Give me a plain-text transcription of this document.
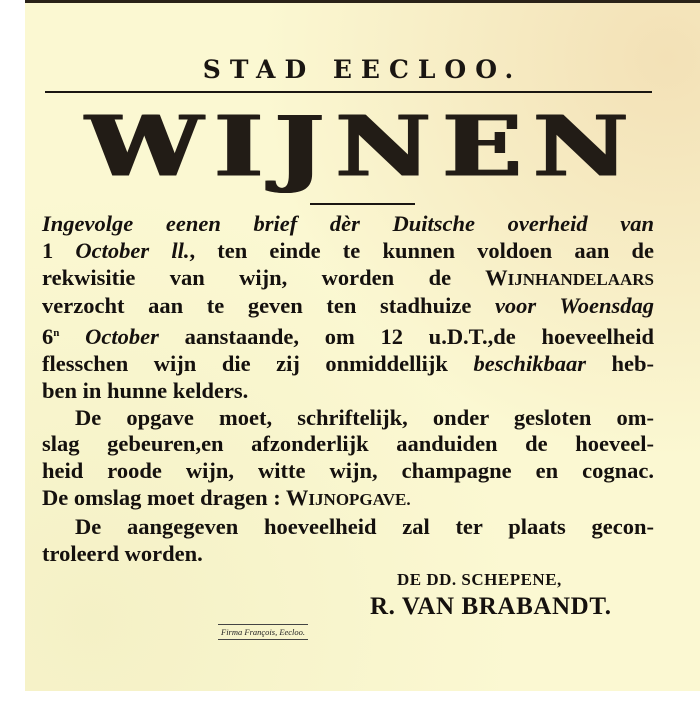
STAD EECLOO.
WIJNEN
Ingevolge eenen brief dèr Duitsche overheid van
1 October ll., ten einde te kunnen voldoen aan de
rekwisitie van wijn, worden de WIJNHANDELAARS
verzocht aan te geven ten stadhuize voor Woensdag
6$^n$ October aanstaande, om 12 u.D.T.,de hoeveelheid
flesschen wijn die zij onmiddellijk beschikbaar heb-
ben in hunne kelders.
De opgave moet, schriftelijk, onder gesloten om-
slag gebeuren,en afzonderlijk aanduiden de hoeveel-
heid roode wijn, witte wijn, champagne en cognac.
De omslag moet dragen : WIJNOPGAVE.
De aangegeven hoeveelheid zal ter plaats gecon-
troleerd worden.
DE DD. SCHEPENE,
R. VAN BRABANDT.
Firma François, Eecloo.
